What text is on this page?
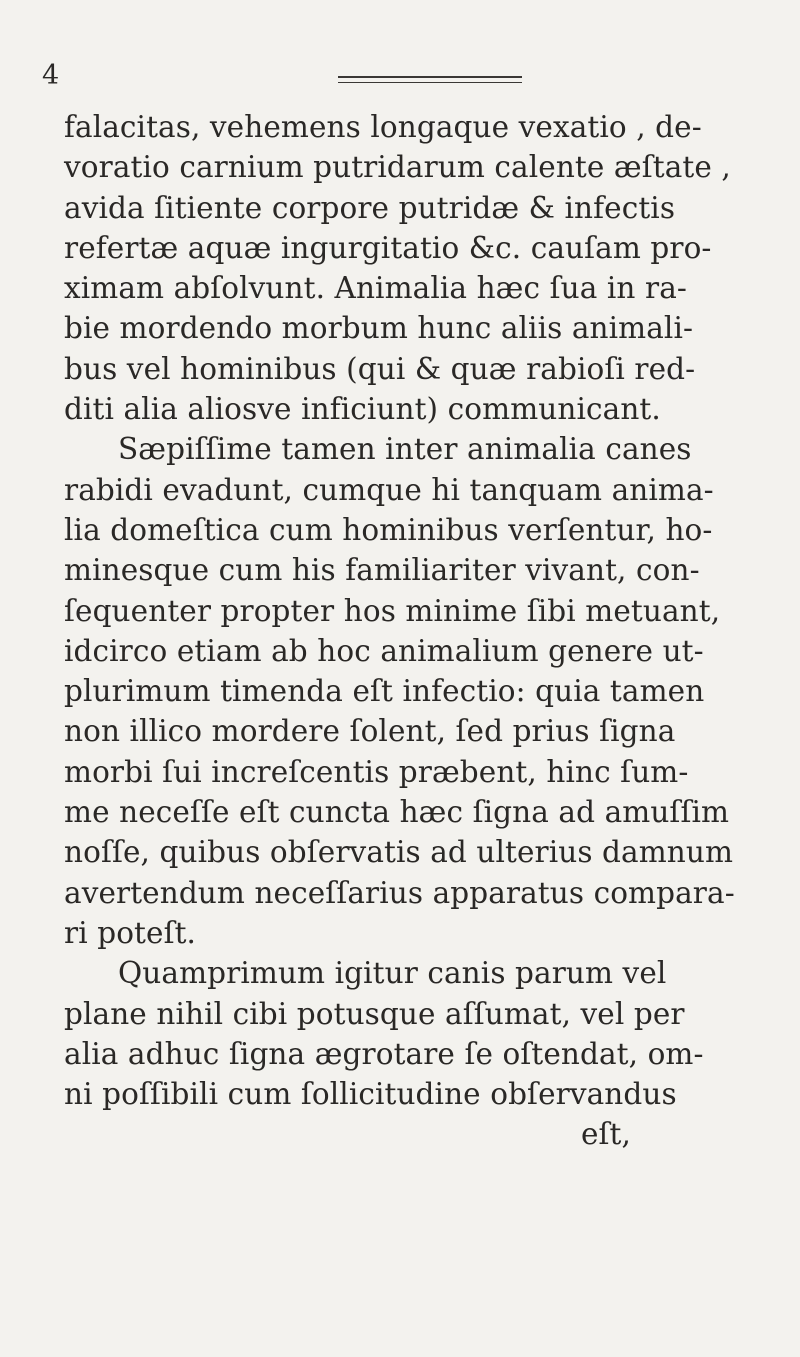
4
falacitas, vehemens longaque vexatio , de-
voratio carnium putridarum calente æſtate ,
avida ſitiente corpore putridæ & infectis
refertæ aquæ ingurgitatio &c. cauſam pro-
ximam abſolvunt. Animalia hæc ſua in ra-
bie mordendo morbum hunc aliis animali-
bus vel hominibus (qui & quæ rabioſi red-
diti alia aliosve inficiunt) communicant.
Sæpiſſime tamen inter animalia canes
rabidi evadunt, cumque hi tanquam anima-
lia domeſtica cum hominibus verſentur, ho-
minesque cum his familiariter vivant, con-
ſequenter propter hos minime ſibi metuant,
idcirco etiam ab hoc animalium genere ut-
plurimum timenda eſt infectio: quia tamen
non illico mordere ſolent, ſed prius ſigna
morbi ſui increſcentis præbent, hinc ſum-
me neceſſe eſt cuncta hæc ſigna ad amuſſim
noſſe, quibus obſervatis ad ulterius damnum
avertendum neceſſarius apparatus compara-
ri poteſt.
Quamprimum igitur canis parum vel
plane nihil cibi potusque aſſumat, vel per
alia adhuc ſigna ægrotare ſe oſtendat, om-
ni poſſibili cum ſollicitudine obſervandus
eſt,
